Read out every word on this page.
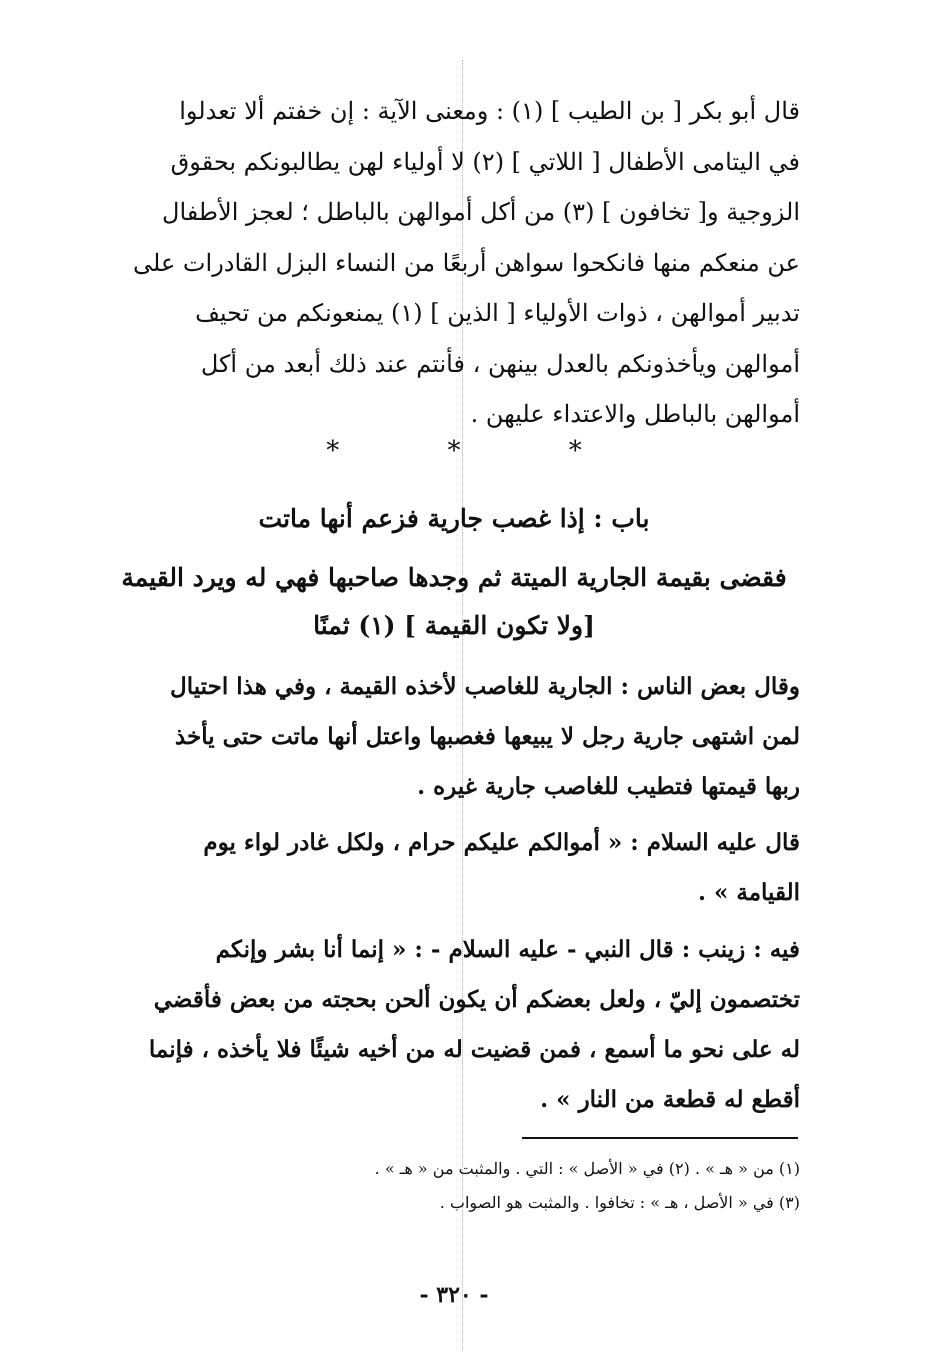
قال أبو بكر [ بن الطيب ] (١) : ومعنى الآية : إن خفتم ألا تعدلوا

في اليتامى الأطفال [ اللاتي ] (٢) لا أولياء لهن يطالبونكم بحقوق

الزوجية و[ تخافون ] (٣) من أكل أموالهن بالباطل ؛ لعجز الأطفال

عن منعكم منها فانكحوا سواهن أربعًا من النساء البزل القادرات على

تدبير أموالهن ، ذوات الأولياء [ الذين ] (١) يمنعونكم من تحيف

أموالهن ويأخذونكم بالعدل بينهن ، فأنتم عند ذلك أبعد من أكل

أموالهن بالباطل والاعتداء عليهن .

* * *
باب : إذا غصب جارية فزعم أنها ماتت

فقضى بقيمة الجارية الميتة ثم وجدها صاحبها فهي له ويرد القيمة

[ولا تكون القيمة ] (١) ثمنًا

وقال بعض الناس : الجارية للغاصب لأخذه القيمة ، وفي هذا احتيال

لمن اشتهى جارية رجل لا يبيعها فغصبها واعتل أنها ماتت حتى يأخذ

ربها قيمتها فتطيب للغاصب جارية غيره .

قال عليه السلام : « أموالكم عليكم حرام ، ولكل غادر لواء يوم

القيامة » .

فيه : زينب : قال النبي - عليه السلام - : « إنما أنا بشر وإنكم

تختصمون إليّ ، ولعل بعضكم أن يكون ألحن بحجته من بعض فأقضي

له على نحو ما أسمع ، فمن قضيت له من أخيه شيئًا فلا يأخذه ، فإنما

أقطع له قطعة من النار » .

(١) من « هـ » . (٢) في « الأصل » : التي . والمثبت من « هـ » .
(٣) في « الأصل ، هـ » : تخافوا . والمثبت هو الصواب .
- ٣٢٠ -
